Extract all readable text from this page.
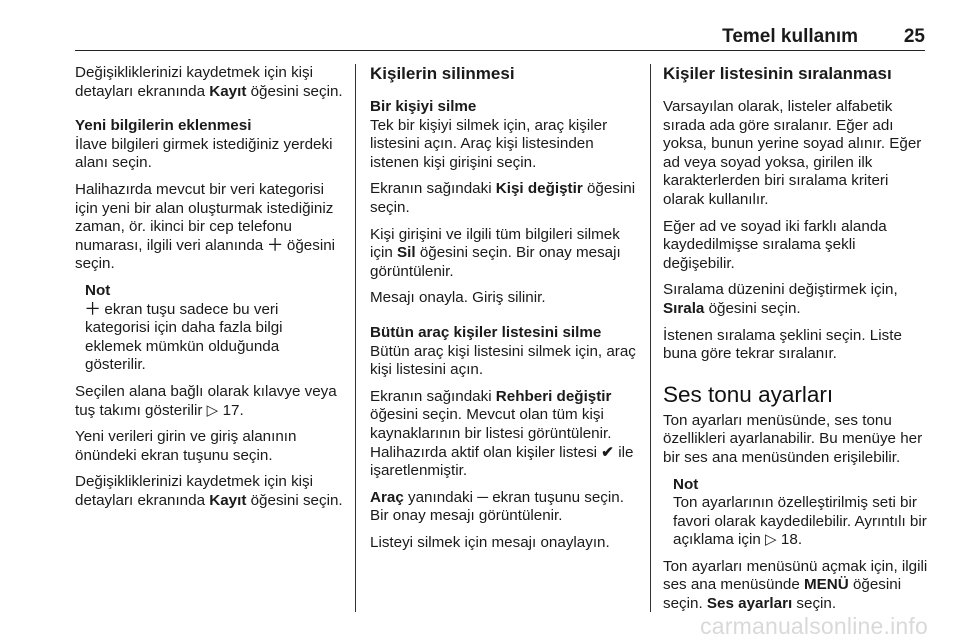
Temel kullanım 25

Değişikliklerinizi kaydetmek için kişi detayları ekranında Kayıt öğesini seçin.

Yeni bilgilerin eklenmesi

İlave bilgileri girmek istediğiniz yerdeki alanı seçin.

Halihazırda mevcut bir veri kategorisi için yeni bir alan oluşturmak istediğiniz zaman, ör. ikinci bir cep telefonu numarası, ilgili veri alanında ＋ öğesini seçin.

Not
＋ ekran tuşu sadece bu veri kategorisi için daha fazla bilgi eklemek mümkün olduğunda gösterilir.

Seçilen alana bağlı olarak kılavye veya tuş takımı gösterilir ▷ 17.

Yeni verileri girin ve giriş alanının önündeki ekran tuşunu seçin.

Değişikliklerinizi kaydetmek için kişi detayları ekranında Kayıt öğesini seçin.

Kişilerin silinmesi

Bir kişiyi silme

Tek bir kişiyi silmek için, araç kişiler listesini açın. Araç kişi listesinden istenen kişi girişini seçin.

Ekranın sağındaki Kişi değiştir öğesini seçin.

Kişi girişini ve ilgili tüm bilgileri silmek için Sil öğesini seçin. Bir onay mesajı görüntülenir.

Mesajı onayla. Giriş silinir.

Bütün araç kişiler listesini silme

Bütün araç kişi listesini silmek için, araç kişi listesini açın.

Ekranın sağındaki Rehberi değiştir öğesini seçin. Mevcut olan tüm kişi kaynaklarının bir listesi görüntülenir. Halihazırda aktif olan kişiler listesi ✔ ile işaretlenmiştir.

Araç yanındaki ─ ekran tuşunu seçin. Bir onay mesajı görüntülenir.

Listeyi silmek için mesajı onaylayın.

Kişiler listesinin sıralanması

Varsayılan olarak, listeler alfabetik sırada ada göre sıralanır. Eğer adı yoksa, bunun yerine soyad alınır. Eğer ad veya soyad yoksa, girilen ilk karakterlerden biri sıralama kriteri olarak kullanılır.

Eğer ad ve soyad iki farklı alanda kaydedilmişse sıralama şekli değişebilir.

Sıralama düzenini değiştirmek için, Sırala öğesini seçin.

İstenen sıralama şeklini seçin. Liste buna göre tekrar sıralanır.

Ses tonu ayarları

Ton ayarları menüsünde, ses tonu özellikleri ayarlanabilir. Bu menüye her bir ses ana menüsünden erişilebilir.

Not
Ton ayarlarının özelleştirilmiş seti bir favori olarak kaydedilebilir. Ayrıntılı bir açıklama için ▷ 18.

Ton ayarları menüsünü açmak için, ilgili ses ana menüsünde MENÜ öğesini seçin. Ses ayarları seçin.

carmanualsonline.info
